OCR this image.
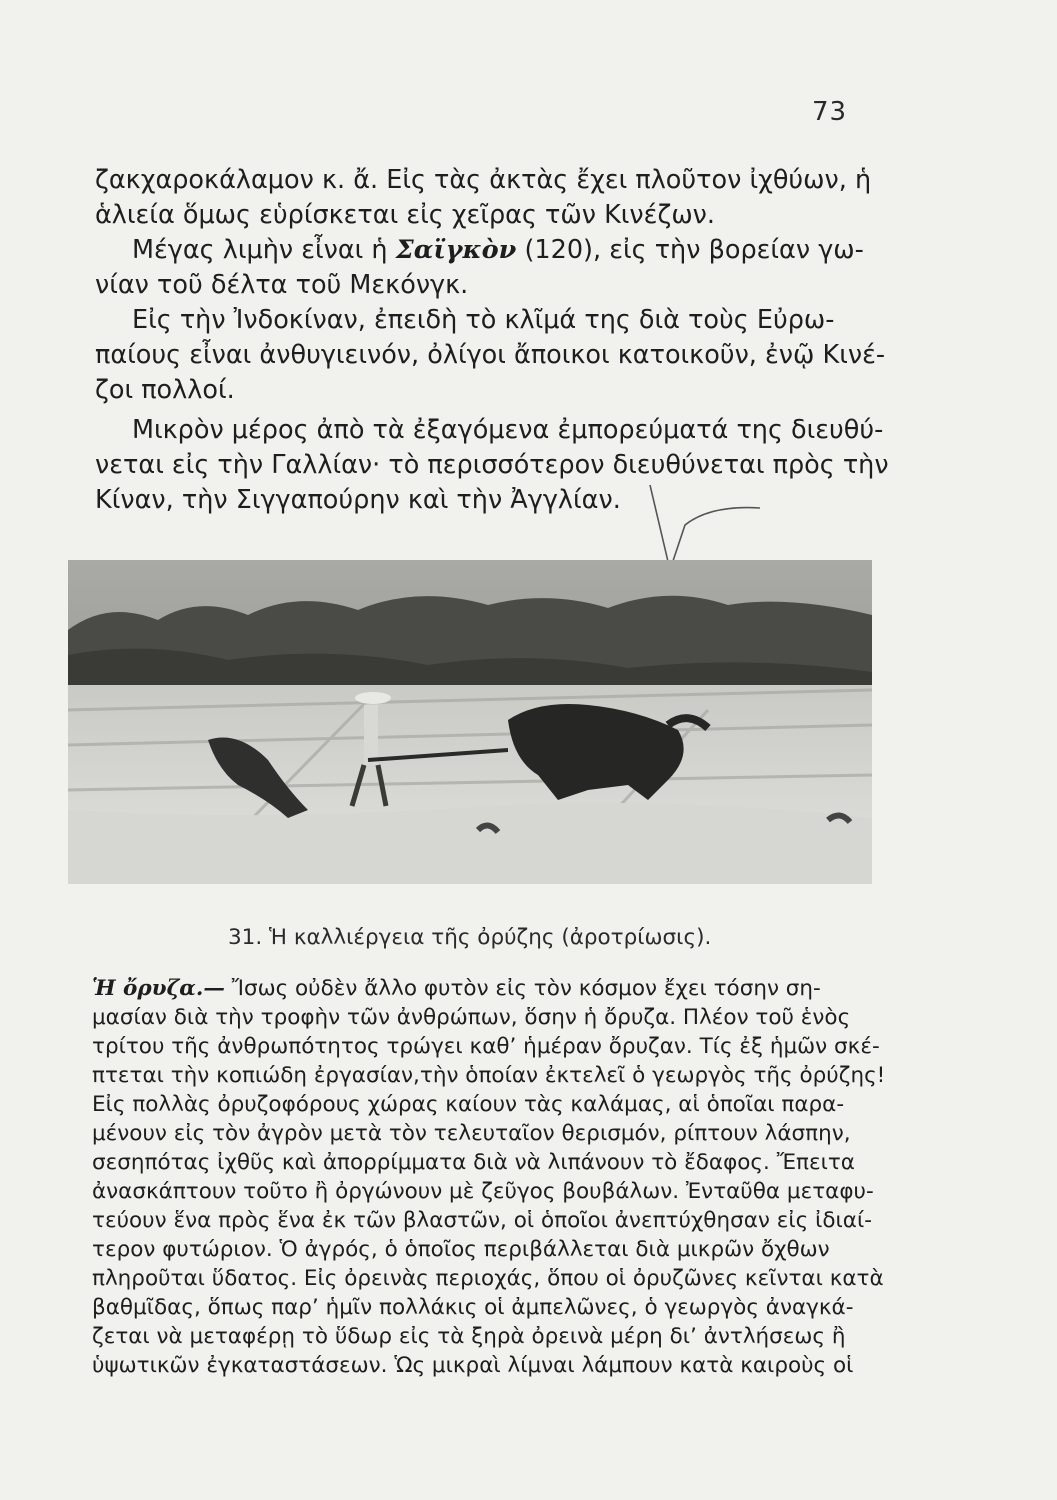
73
ζακχαροκάλαμον κ. ἄ. Εἰς τὰς ἀκτὰς ἔχει πλοῦτον ἰχθύων, ἡ
ἁλιεία ὅμως εὑρίσκεται εἰς χεῖρας τῶν Κινέζων.
Μέγας λιμὴν εἶναι ἡ Σαϊγκὸν (120), εἰς τὴν βορείαν γω-
νίαν τοῦ δέλτα τοῦ Μεκόνγκ.
Εἰς τὴν Ἰνδοκίναν, ἐπειδὴ τὸ κλῖμά της διὰ τοὺς Εὐρω-
παίους εἶναι ἀνθυγιεινόν, ὀλίγοι ἄποικοι κατοικοῦν, ἐνῷ Κινέ-
ζοι πολλοί.
Μικρὸν μέρος ἀπὸ τὰ ἐξαγόμενα ἐμπορεύματά της διευθύ-
νεται εἰς τὴν Γαλλίαν· τὸ περισσότερον διευθύνεται πρὸς τὴν
Κίναν, τὴν Σιγγαπούρην καὶ τὴν Ἀγγλίαν.
31. Ἡ καλλιέργεια τῆς ὀρύζης (ἀροτρίωσις).
Ἡ ὄρυζα.— Ἴσως οὐδὲν ἄλλο φυτὸν εἰς τὸν κόσμον ἔχει τόσην ση-
μασίαν διὰ τὴν τροφὴν τῶν ἀνθρώπων, ὅσην ἡ ὄρυζα. Πλέον τοῦ ἑνὸς
τρίτου τῆς ἀνθρωπότητος τρώγει καθ’ ἡμέραν ὄρυζαν. Τίς ἐξ ἡμῶν σκέ-
πτεται τὴν κοπιώδη ἐργασίαν,τὴν ὁποίαν ἐκτελεῖ ὁ γεωργὸς τῆς ὀρύζης!
Εἰς πολλὰς ὀρυζοφόρους χώρας καίουν τὰς καλάμας, αἱ ὁποῖαι παρα-
μένουν εἰς τὸν ἀγρὸν μετὰ τὸν τελευταῖον θερισμόν, ρίπτουν λάσπην,
σεσηπότας ἰχθῦς καὶ ἀπορρίμματα διὰ νὰ λιπάνουν τὸ ἔδαφος. Ἔπειτα
ἀνασκάπτουν τοῦτο ἢ ὀργώνουν μὲ ζεῦγος βουβάλων. Ἐνταῦθα μεταφυ-
τεύουν ἕνα πρὸς ἕνα ἐκ τῶν βλαστῶν, οἱ ὁποῖοι ἀνεπτύχθησαν εἰς ἰδιαί-
τερον φυτώριον. Ὁ ἀγρός, ὁ ὁποῖος περιβάλλεται διὰ μικρῶν ὄχθων
πληροῦται ὕδατος. Εἰς ὀρεινὰς περιοχάς, ὅπου οἱ ὀρυζῶνες κεῖνται κατὰ
βαθμῖδας, ὅπως παρ’ ἡμῖν πολλάκις οἱ ἀμπελῶνες, ὁ γεωργὸς ἀναγκά-
ζεται νὰ μεταφέρῃ τὸ ὕδωρ εἰς τὰ ξηρὰ ὀρεινὰ μέρη δι’ ἀντλήσεως ἢ
ὑψωτικῶν ἐγκαταστάσεων. Ὡς μικραὶ λίμναι λάμπουν κατὰ καιροὺς οἱ
